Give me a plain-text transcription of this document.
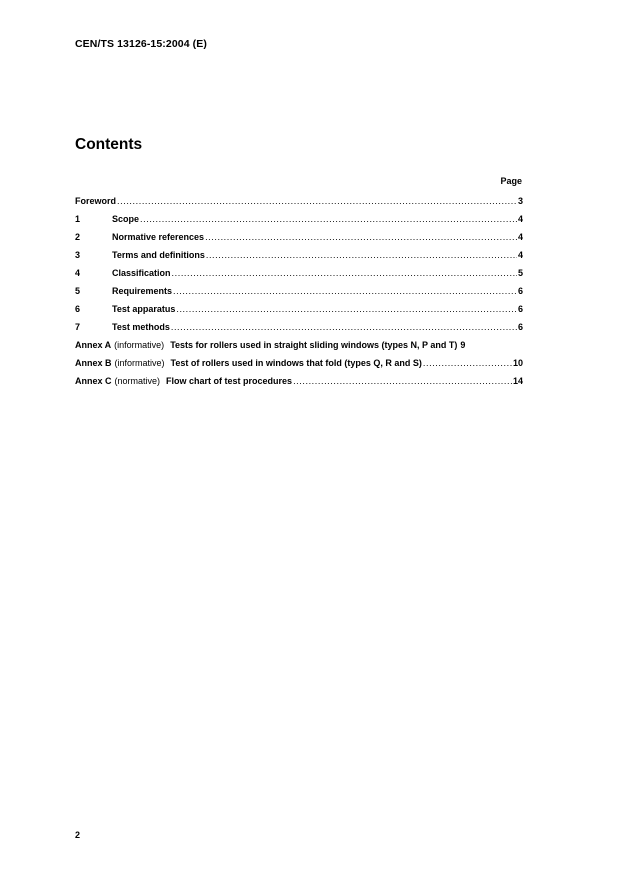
CEN/TS 13126-15:2004 (E)
Contents
Page
Foreword .....	3
1	Scope .....	4
2	Normative references .....	4
3	Terms and definitions .....	4
4	Classification .....	5
5	Requirements .....	6
6	Test apparatus .....	6
7	Test methods .....	6
Annex A (informative) Tests for rollers used in straight sliding windows (types N, P and T) 9
Annex B (informative) Test of rollers used in windows that fold (types Q, R and S) .....	10
Annex C (normative) Flow chart of test procedures .....	14
2
